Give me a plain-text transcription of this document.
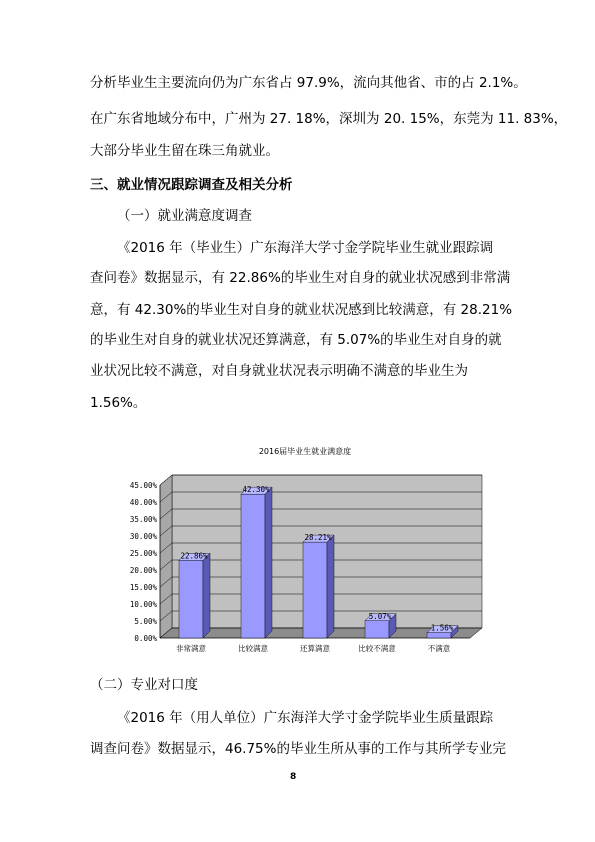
分析毕业生主要流向仍为广东省占 97.9%，流向其他省、市的占 2.1%。
在广东省地域分布中，广州为 27. 18%，深圳为 20. 15%，东莞为 11. 83%，
大部分毕业生留在珠三角就业。
三、就业情况跟踪调查及相关分析
（一）就业满意度调查
《2016 年（毕业生）广东海洋大学寸金学院毕业生就业跟踪调
查问卷》数据显示，有 22.86%的毕业生对自身的就业状况感到非常满
意，有 42.30%的毕业生对自身的就业状况感到比较满意，有 28.21%
的毕业生对自身的就业状况还算满意，有 5.07%的毕业生对自身的就
业状况比较不满意，对自身就业状况表示明确不满意的毕业生为
1.56%。
2016届毕业生就业满意度
0.00%
5.00%
10.00%
15.00%
20.00%
25.00%
30.00%
35.00%
40.00%
45.00%
22.86%
非常满意
42.30%
比较满意
28.21%
还算满意
5.07%
比较不满意
1.56%
不满意
（二）专业对口度
《2016 年（用人单位）广东海洋大学寸金学院毕业生质量跟踪
调查问卷》数据显示，46.75%的毕业生所从事的工作与其所学专业完
8
